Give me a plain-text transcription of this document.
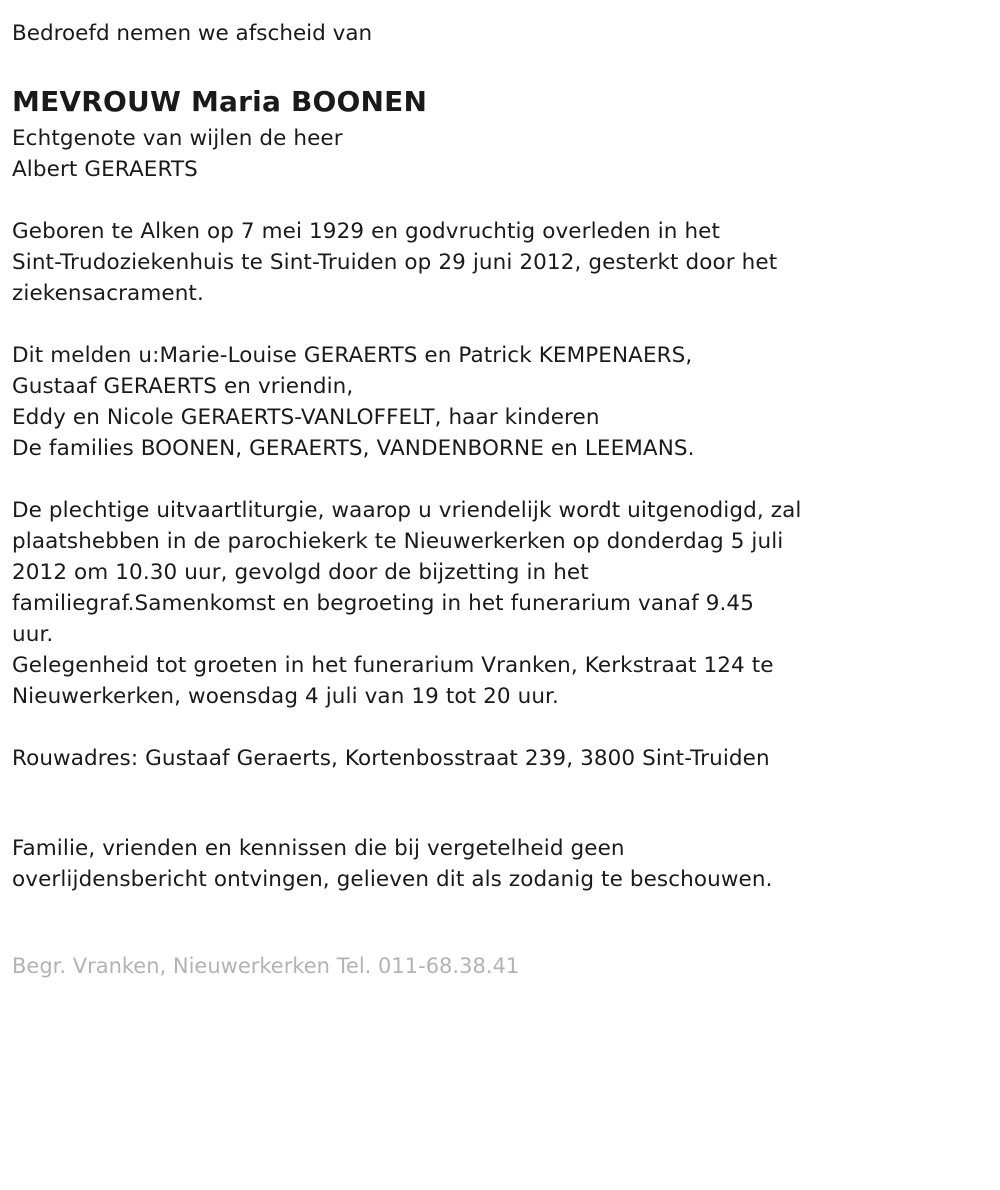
Bedroefd nemen we afscheid van
MEVROUW Maria BOONEN
Echtgenote van wijlen de heer
Albert GERAERTS
Geboren te Alken op 7 mei 1929 en godvruchtig overleden in het
Sint-Trudoziekenhuis te Sint-Truiden op 29 juni 2012, gesterkt door het
ziekensacrament.
Dit melden u:Marie-Louise GERAERTS en Patrick KEMPENAERS,
Gustaaf GERAERTS en vriendin,
Eddy en Nicole GERAERTS-VANLOFFELT, haar kinderen
De families BOONEN, GERAERTS, VANDENBORNE en LEEMANS.
De plechtige uitvaartliturgie, waarop u vriendelijk wordt uitgenodigd, zal
plaatshebben in de parochiekerk te Nieuwerkerken op donderdag 5 juli
2012 om 10.30 uur, gevolgd door de bijzetting in het
familiegraf.Samenkomst en begroeting in het funerarium vanaf 9.45
uur.
Gelegenheid tot groeten in het funerarium Vranken, Kerkstraat 124 te
Nieuwerkerken, woensdag 4 juli van 19 tot 20 uur.
Rouwadres: Gustaaf Geraerts, Kortenbosstraat 239, 3800 Sint-Truiden
Familie, vrienden en kennissen die bij vergetelheid geen
overlijdensbericht ontvingen, gelieven dit als zodanig te beschouwen.
Begr. Vranken, Nieuwerkerken Tel. 011-68.38.41
